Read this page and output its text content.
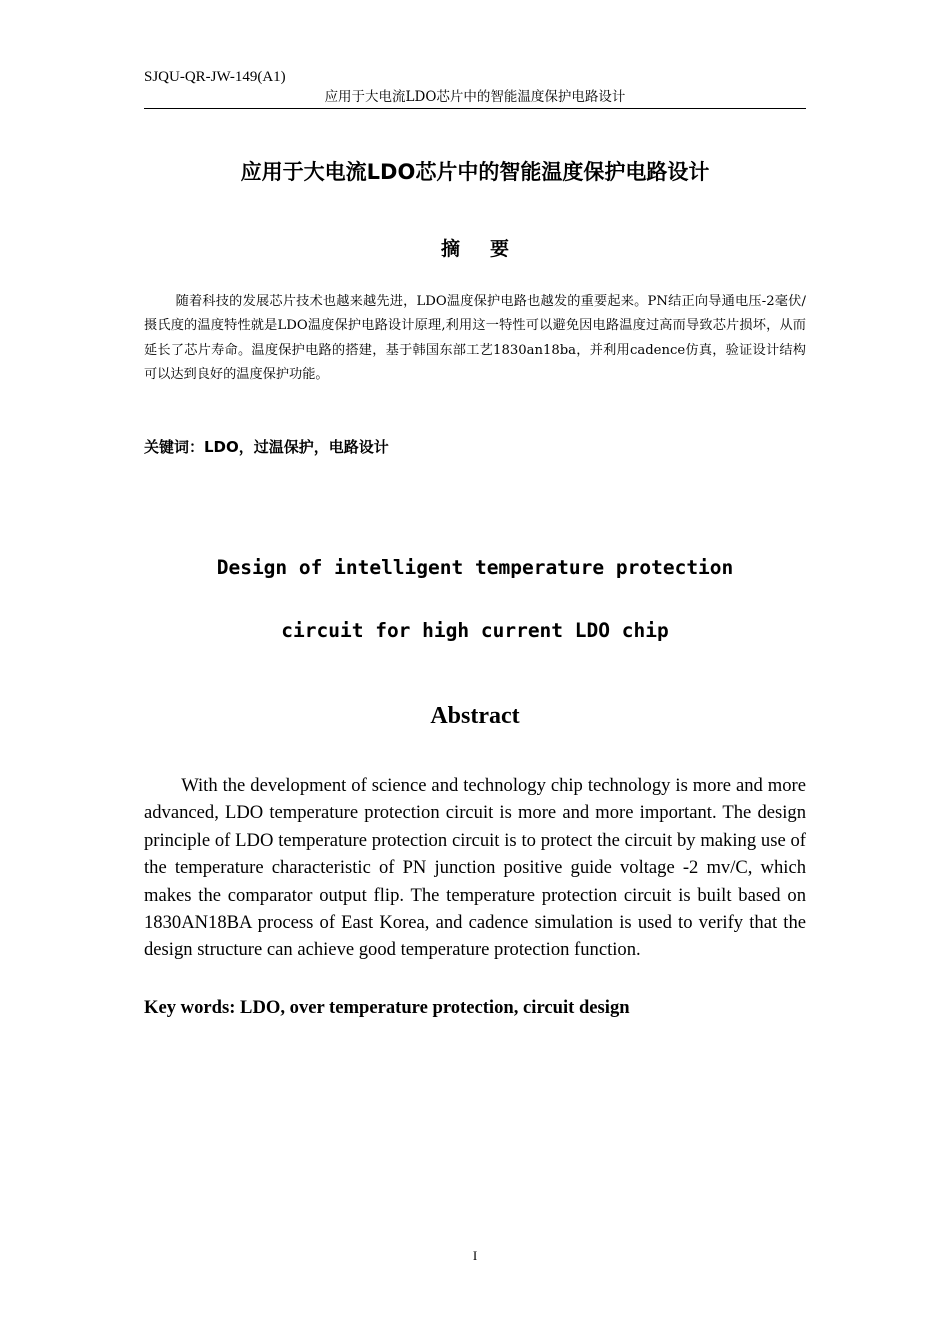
SJQU-QR-JW-149(A1)
应用于大电流LDO芯片中的智能温度保护电路设计
应用于大电流LDO芯片中的智能温度保护电路设计
摘要

随着科技的发展芯片技术也越来越先进，LDO温度保护电路也越发的重要起来。PN结正向导通电压-2毫伏/摄氏度的温度特性就是LDO温度保护电路设计原理,利用这一特性可以避免因电路温度过高而导致芯片损坏，从而延长了芯片寿命。温度保护电路的搭建，基于韩国东部工艺1830an18ba，并利用cadence仿真，验证设计结构可以达到良好的温度保护功能。

关键词：LDO，过温保护，电路设计
Design of intelligent temperature protection
circuit for high current LDO chip
Abstract

With the development of science and technology chip technology is more and more advanced, LDO temperature protection circuit is more and more important. The design principle of LDO temperature protection circuit is to protect the circuit by making use of the temperature characteristic of PN junction positive guide voltage -2 mv/C, which makes the comparator output flip. The temperature protection circuit is built based on 1830AN18BA process of East Korea, and cadence simulation is used to verify that the design structure can achieve good temperature protection function.

Key words: LDO, over temperature protection, circuit design
I
